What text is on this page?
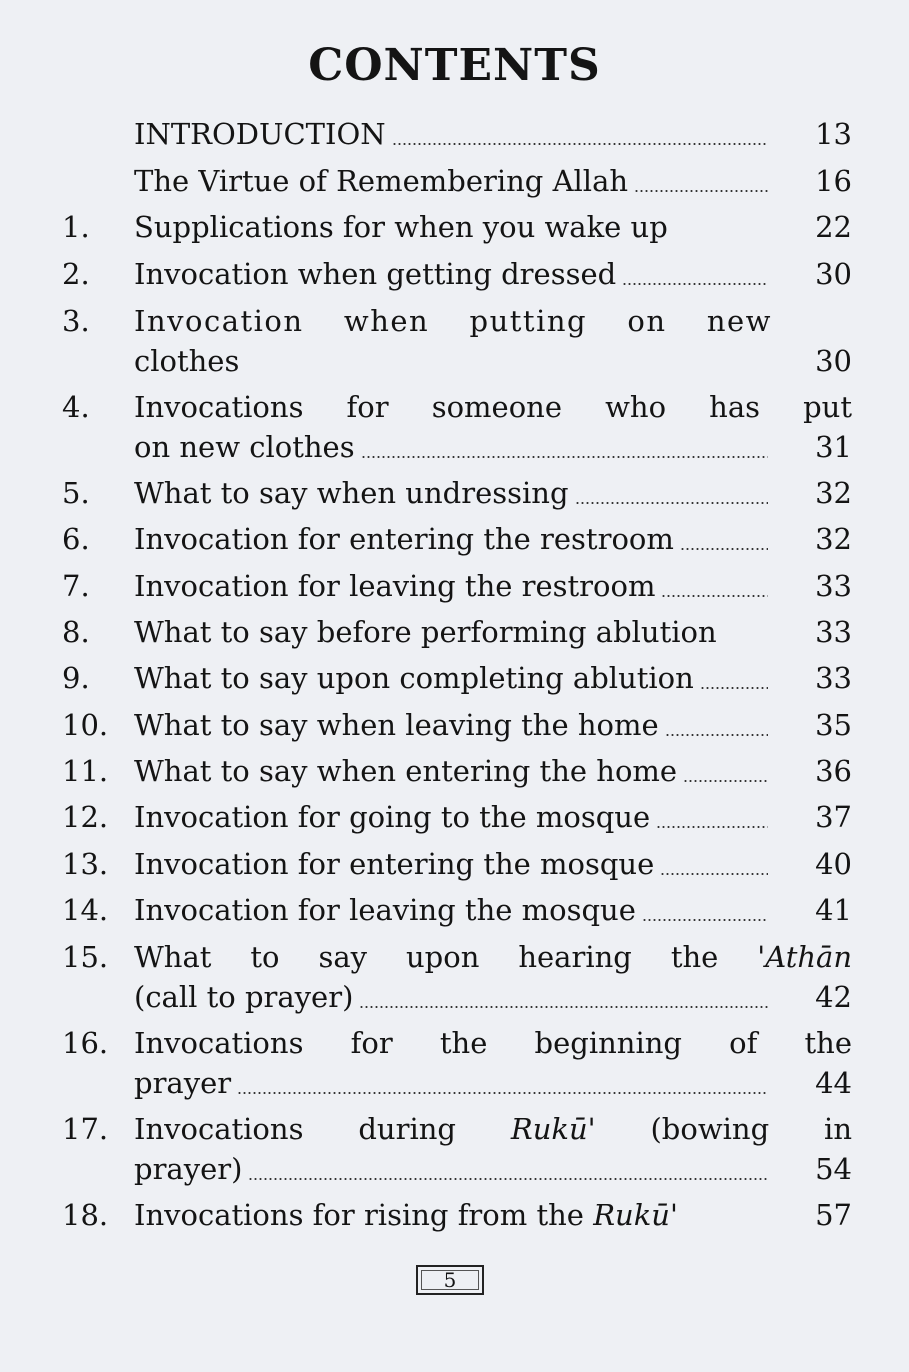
CONTENTS
INTRODUCTION	13
The Virtue of Remembering Allah	16
1. Supplications for when you wake up	22
2. Invocation when getting dressed	30
3. Invocation when putting on new
clothes	30
4. Invocations for someone who has put
on new clothes	31
5. What to say when undressing	32
6. Invocation for entering the restroom	32
7. Invocation for leaving the restroom	33
8. What to say before performing ablution	33
9. What to say upon completing ablution	33
10. What to say when leaving the home	35
11. What to say when entering the home	36
12. Invocation for going to the mosque	37
13. Invocation for entering the mosque	40
14. Invocation for leaving the mosque	41
15. What to say upon hearing the 'Athān
(call to prayer)	42
16. Invocations for the beginning of the
prayer	44
17. Invocations during Rukū' (bowing in
prayer)	54
18. Invocations for rising from the Rukū'	57
5
